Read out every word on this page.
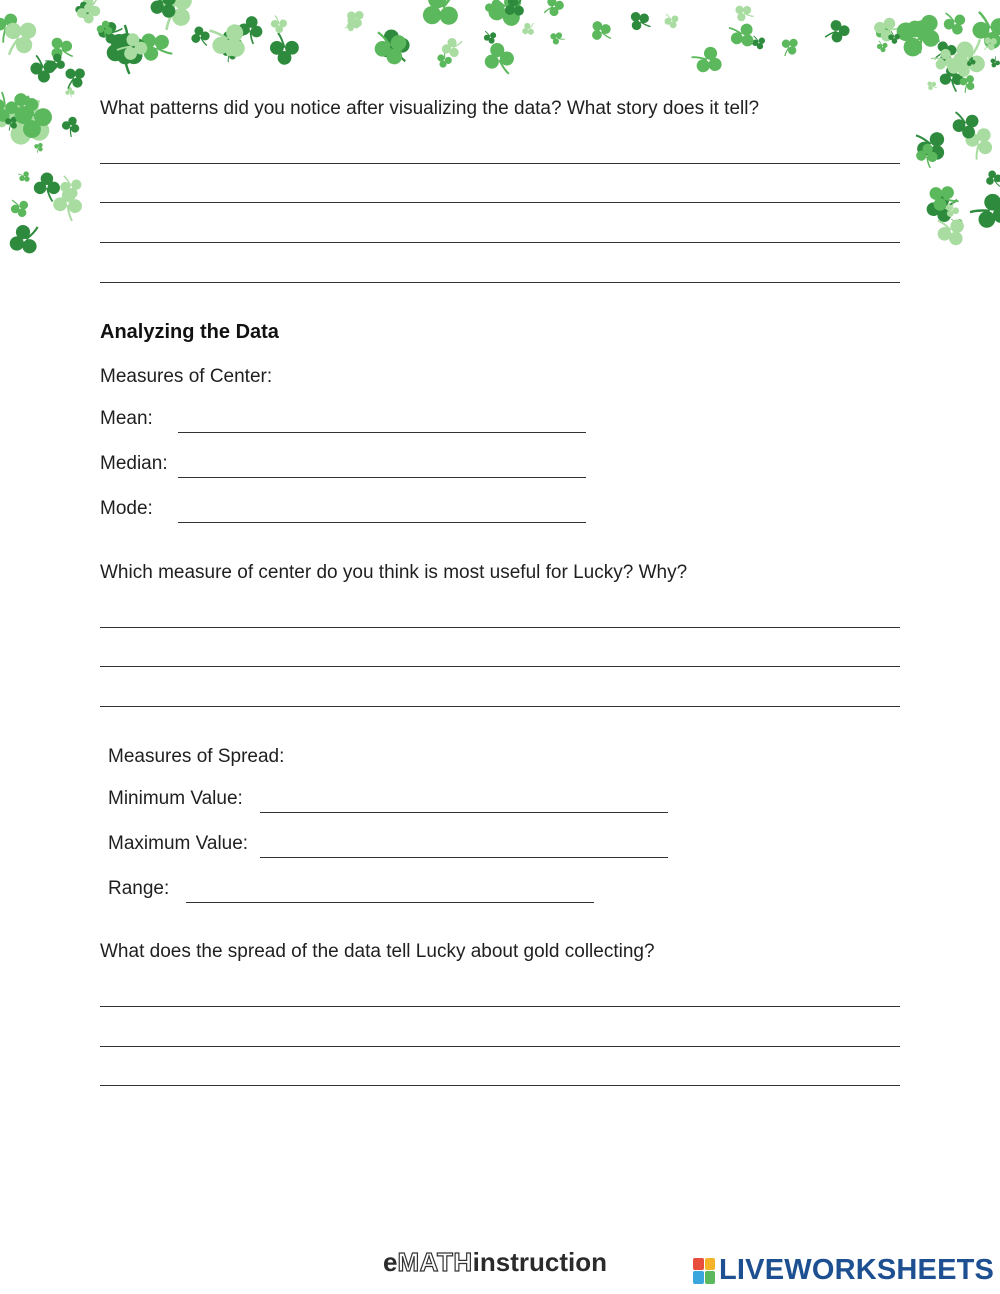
What patterns did you notice after visualizing the data? What story does it tell?
Analyzing the Data
Measures of Center:
Mean:
Median:
Mode:
Which measure of center do you think is most useful for Lucky? Why?
Measures of Spread:
Minimum Value:
Maximum Value:
Range:
What does the spread of the data tell Lucky about gold collecting?
e MATH instruction	LIVEWORKSHEETS
